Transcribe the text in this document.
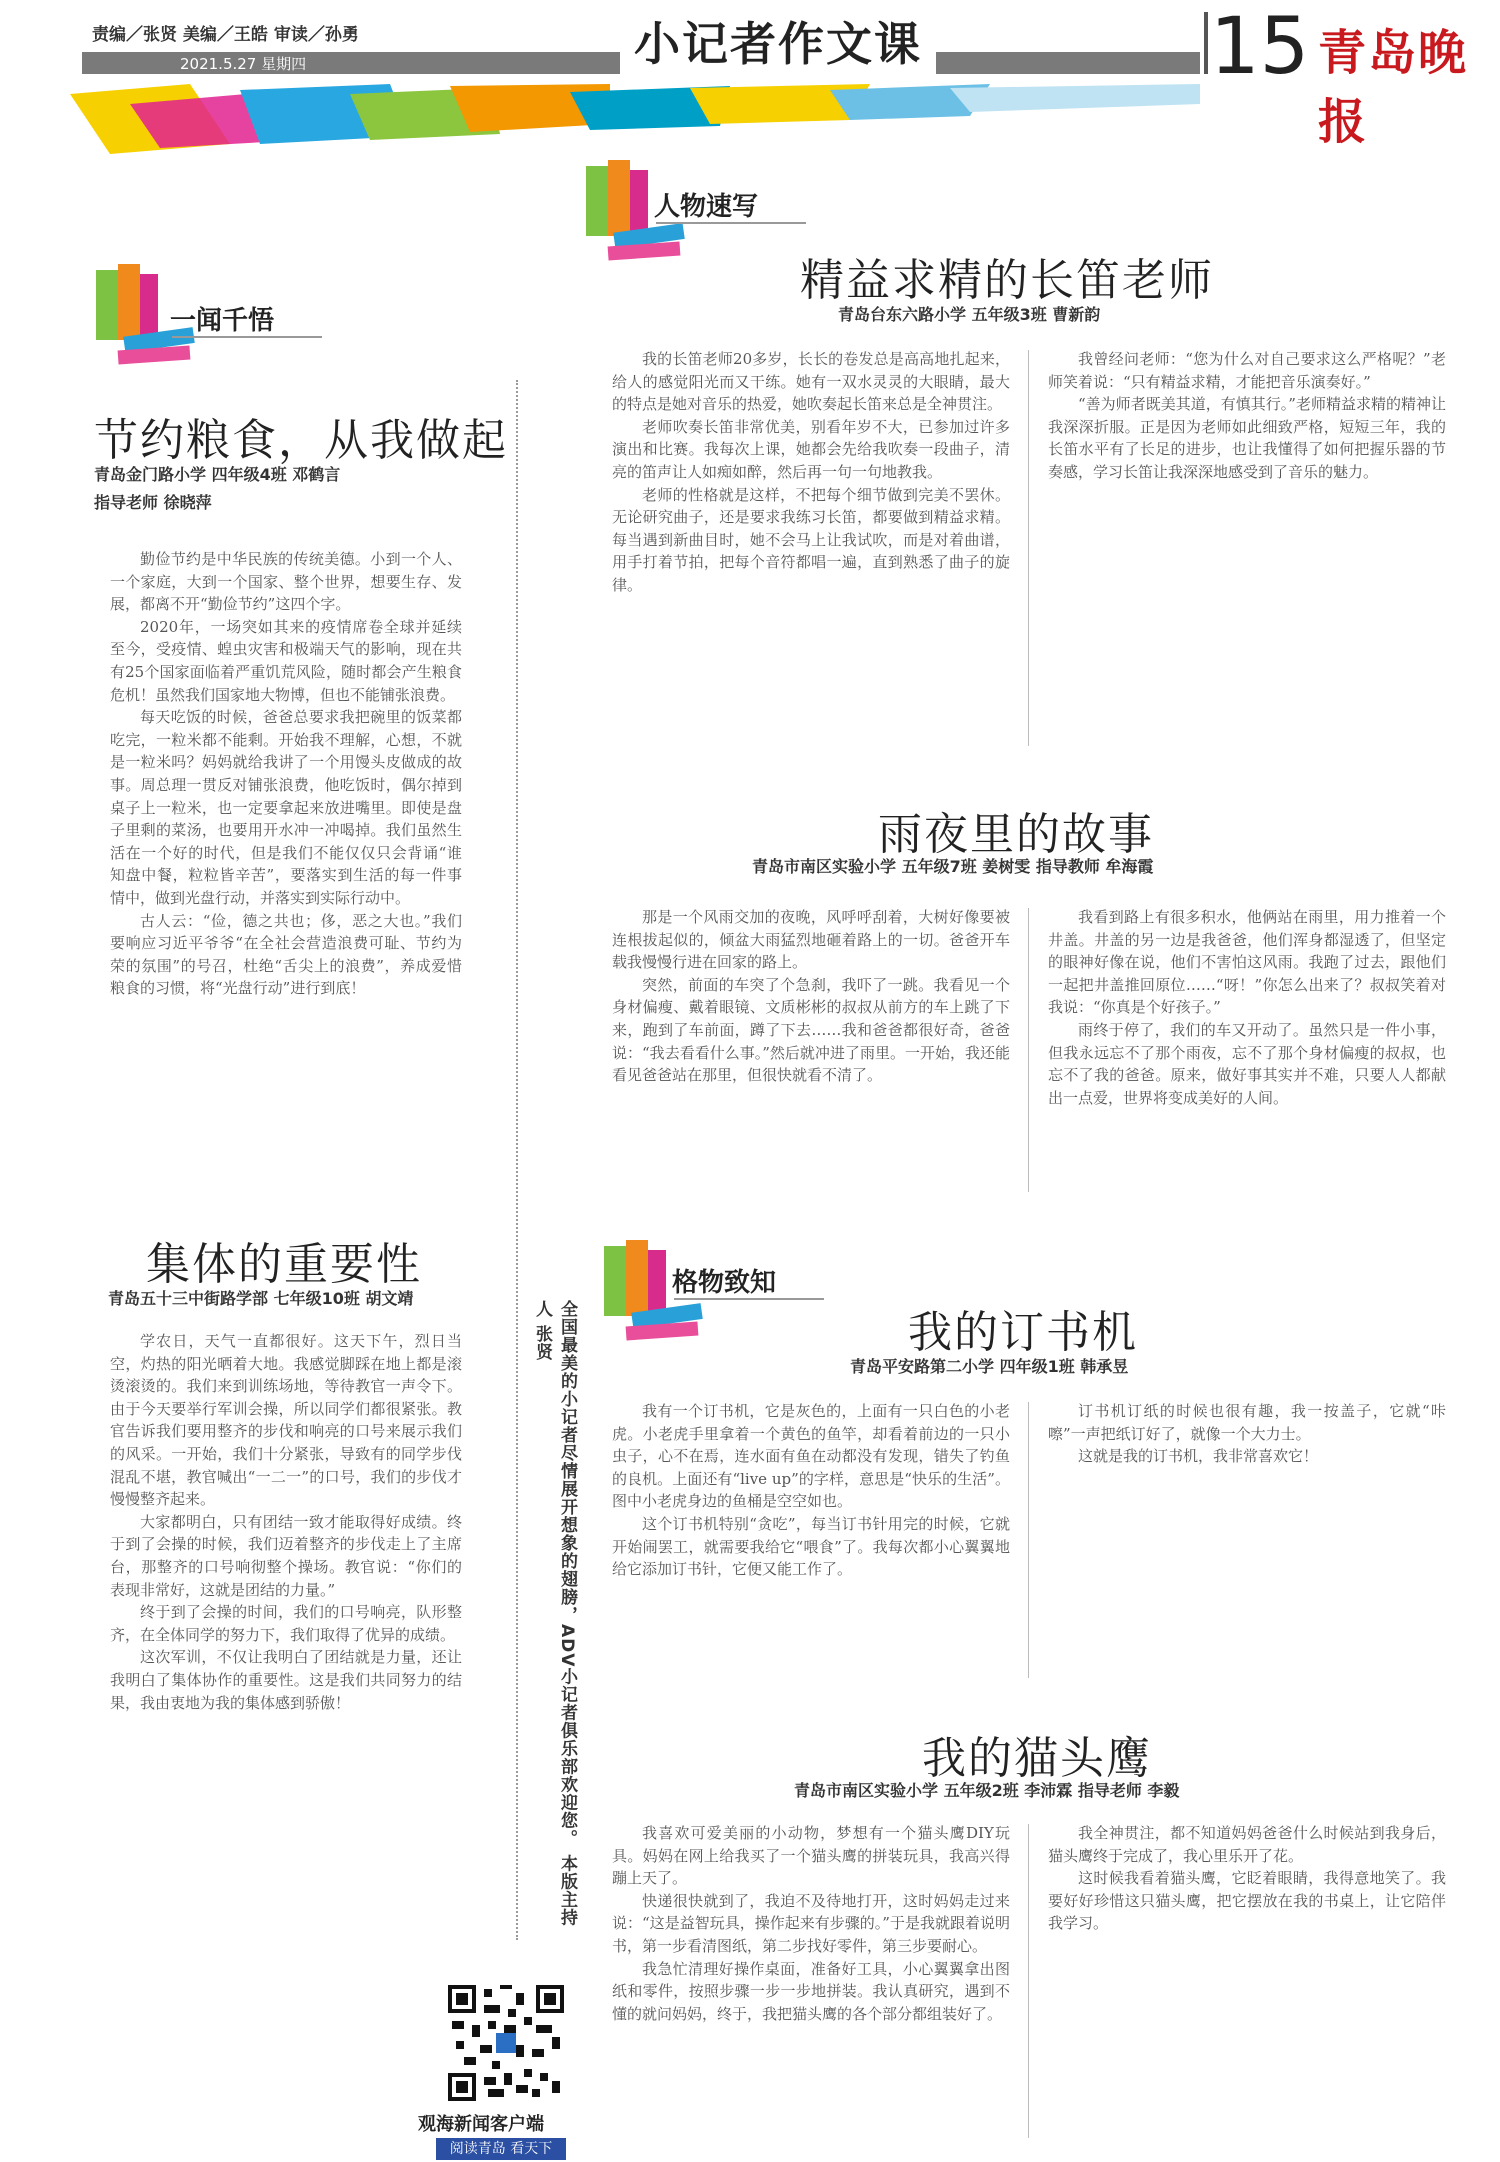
责编／张贤 美编／王皓 审读／孙勇
2021.5.27 星期四	小记者作文课	15 青岛晚报
一闻千悟
人物速写
格物致知
节约粮食，从我做起
青岛金门路小学 四年级4班 邓鹤言
指导老师 徐晓萍

勤俭节约是中华民族的传统美德。小到一个人、一个家庭，大到一个国家、整个世界，想要生存、发展，都离不开“勤俭节约”这四个字。

2020年，一场突如其来的疫情席卷全球并延续至今，受疫情、蝗虫灾害和极端天气的影响，现在共有25个国家面临着严重饥荒风险，随时都会产生粮食危机！虽然我们国家地大物博，但也不能铺张浪费。

每天吃饭的时候，爸爸总要求我把碗里的饭菜都吃完，一粒米都不能剩。开始我不理解，心想，不就是一粒米吗？妈妈就给我讲了一个用馒头皮做成的故事。周总理一贯反对铺张浪费，他吃饭时，偶尔掉到桌子上一粒米，也一定要拿起来放进嘴里。即使是盘子里剩的菜汤，也要用开水冲一冲喝掉。我们虽然生活在一个好的时代，但是我们不能仅仅只会背诵“谁知盘中餐，粒粒皆辛苦”，要落实到生活的每一件事情中，做到光盘行动，并落实到实际行动中。

古人云：“俭，德之共也；侈，恶之大也。”我们要响应习近平爷爷“在全社会营造浪费可耻、节约为荣的氛围”的号召，杜绝“舌尖上的浪费”，养成爱惜粮食的习惯，将“光盘行动”进行到底！

集体的重要性
青岛五十三中街路学部 七年级10班 胡文靖

学农日，天气一直都很好。这天下午，烈日当空，灼热的阳光晒着大地。我感觉脚踩在地上都是滚烫滚烫的。我们来到训练场地，等待教官一声令下。由于今天要举行军训会操，所以同学们都很紧张。教官告诉我们要用整齐的步伐和响亮的口号来展示我们的风采。一开始，我们十分紧张，导致有的同学步伐混乱不堪，教官喊出“一二一”的口号，我们的步伐才慢慢整齐起来。

大家都明白，只有团结一致才能取得好成绩。终于到了会操的时候，我们迈着整齐的步伐走上了主席台，那整齐的口号响彻整个操场。教官说：“你们的表现非常好，这就是团结的力量。”

终于到了会操的时间，我们的口号响亮，队形整齐，在全体同学的努力下，我们取得了优异的成绩。

这次军训，不仅让我明白了团结就是力量，还让我明白了集体协作的重要性。这是我们共同努力的结果，我由衷地为我的集体感到骄傲！	全国最美的小记者尽情展开想象的翅膀，ADV小记者俱乐部欢迎您。 本版主持人 张贤
观海新闻客户端
阅读青岛 看天下
精益求精的长笛老师
青岛台东六路小学 五年级3班 曹新韵

我的长笛老师20多岁，长长的卷发总是高高地扎起来，给人的感觉阳光而又干练。她有一双水灵灵的大眼睛，最大的特点是她对音乐的热爱，她吹奏起长笛来总是全神贯注。

老师吹奏长笛非常优美，别看年岁不大，已参加过许多演出和比赛。我每次上课，她都会先给我吹奏一段曲子，清亮的笛声让人如痴如醉，然后再一句一句地教我。

老师的性格就是这样，不把每个细节做到完美不罢休。无论研究曲子，还是要求我练习长笛，都要做到精益求精。每当遇到新曲目时，她不会马上让我试吹，而是对着曲谱，用手打着节拍，把每个音符都唱一遍，直到熟悉了曲子的旋律。

我曾经问老师：“您为什么对自己要求这么严格呢？”老师笑着说：“只有精益求精，才能把音乐演奏好。”

“善为师者既美其道，有慎其行。”老师精益求精的精神让我深深折服。正是因为老师如此细致严格，短短三年，我的长笛水平有了长足的进步，也让我懂得了如何把握乐器的节奏感，学习长笛让我深深地感受到了音乐的魅力。

雨夜里的故事
青岛市南区实验小学 五年级7班 姜树雯 指导教师 牟海霞

那是一个风雨交加的夜晚，风呼呼刮着，大树好像要被连根拔起似的，倾盆大雨猛烈地砸着路上的一切。爸爸开车载我慢慢行进在回家的路上。

突然，前面的车突了个急刹，我吓了一跳。我看见一个身材偏瘦、戴着眼镜、文质彬彬的叔叔从前方的车上跳了下来，跑到了车前面，蹲了下去……我和爸爸都很好奇，爸爸说：“我去看看什么事。”然后就冲进了雨里。一开始，我还能看见爸爸站在那里，但很快就看不清了。

我看到路上有很多积水，他俩站在雨里，用力推着一个井盖。井盖的另一边是我爸爸，他们浑身都湿透了，但坚定的眼神好像在说，他们不害怕这风雨。我跑了过去，跟他们一起把井盖推回原位……“呀！”你怎么出来了？叔叔笑着对我说：“你真是个好孩子。”

雨终于停了，我们的车又开动了。虽然只是一件小事，但我永远忘不了那个雨夜，忘不了那个身材偏瘦的叔叔，也忘不了我的爸爸。原来，做好事其实并不难，只要人人都献出一点爱，世界将变成美好的人间。

我的订书机
青岛平安路第二小学 四年级1班 韩承昱

我有一个订书机，它是灰色的，上面有一只白色的小老虎。小老虎手里拿着一个黄色的鱼竿，却看着前边的一只小虫子，心不在焉，连水面有鱼在动都没有发现，错失了钓鱼的良机。上面还有“live up”的字样，意思是“快乐的生活”。图中小老虎身边的鱼桶是空空如也。

这个订书机特别“贪吃”，每当订书针用完的时候，它就开始闹罢工，就需要我给它“喂食”了。我每次都小心翼翼地给它添加订书针，它便又能工作了。

订书机订纸的时候也很有趣，我一按盖子，它就“咔嚓”一声把纸订好了，就像一个大力士。

这就是我的订书机，我非常喜欢它！

我的猫头鹰
青岛市南区实验小学 五年级2班 李沛霖 指导老师 李毅

我喜欢可爱美丽的小动物，梦想有一个猫头鹰DIY玩具。妈妈在网上给我买了一个猫头鹰的拼装玩具，我高兴得蹦上天了。

快递很快就到了，我迫不及待地打开，这时妈妈走过来说：“这是益智玩具，操作起来有步骤的。”于是我就跟着说明书，第一步看清图纸，第二步找好零件，第三步要耐心。

我急忙清理好操作桌面，准备好工具，小心翼翼拿出图纸和零件，按照步骤一步一步地拼装。我认真研究，遇到不懂的就问妈妈，终于，我把猫头鹰的各个部分都组装好了。

我全神贯注，都不知道妈妈爸爸什么时候站到我身后，猫头鹰终于完成了，我心里乐开了花。

这时候我看着猫头鹰，它眨着眼睛，我得意地笑了。我要好好珍惜这只猫头鹰，把它摆放在我的书桌上，让它陪伴我学习。
